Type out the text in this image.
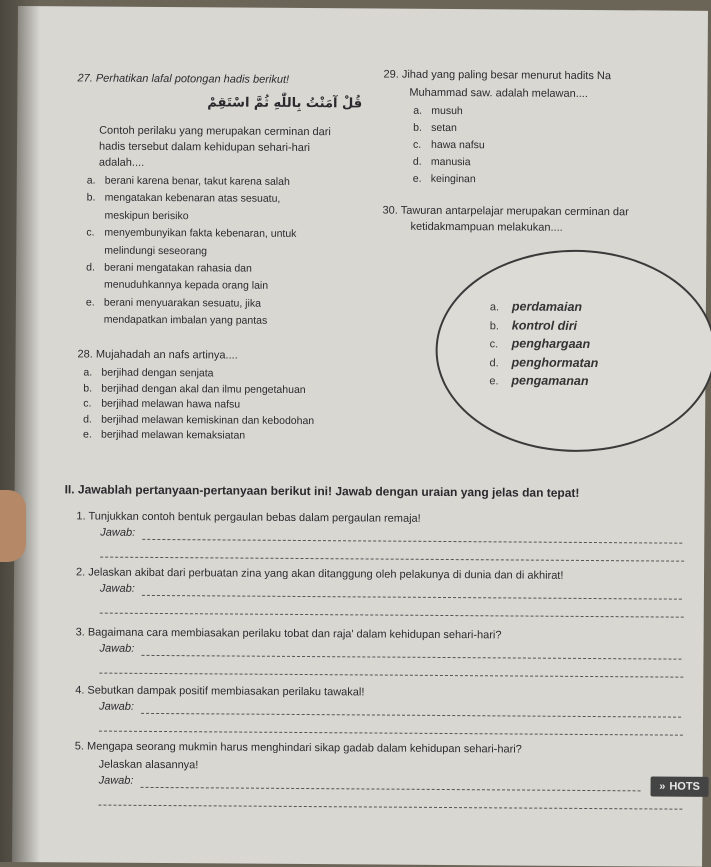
27. Perhatikan lafal potongan hadis berikut!
قُلْ آمَنْتُ بِاللّٰهِ ثُمَّ اسْتَقِمْ
Contoh perilaku yang merupakan cerminan dari
hadis tersebut dalam kehidupan sehari-hari
adalah....
a. berani karena benar, takut karena salah
b. mengatakan kebenaran atas sesuatu,
meskipun berisiko
c. menyembunyikan fakta kebenaran, untuk
melindungi seseorang
d. berani mengatakan rahasia dan
menuduhkannya kepada orang lain
e. berani menyuarakan sesuatu, jika
mendapatkan imbalan yang pantas
28. Mujahadah an nafs artinya....
a. berjihad dengan senjata
b. berjihad dengan akal dan ilmu pengetahuan
c. berjihad melawan hawa nafsu
d. berjihad melawan kemiskinan dan kebodohan
e. berjihad melawan kemaksiatan
29. Jihad yang paling besar menurut hadits Na
Muhammad saw. adalah melawan....
a. musuh
b. setan
c. hawa nafsu
d. manusia
e. keinginan
30. Tawuran antarpelajar merupakan cerminan dar
ketidakmampuan melakukan....
a. perdamaian
b. kontrol diri
c. penghargaan
d. penghormatan
e. pengamanan
II. Jawablah pertanyaan-pertanyaan berikut ini! Jawab dengan uraian yang jelas dan tepat!
1. Tunjukkan contoh bentuk pergaulan bebas dalam pergaulan remaja!
Jawab:
2. Jelaskan akibat dari perbuatan zina yang akan ditanggung oleh pelakunya di dunia dan di akhirat!
Jawab:
3. Bagaimana cara membiasakan perilaku tobat dan raja' dalam kehidupan sehari-hari?
Jawab:
4. Sebutkan dampak positif membiasakan perilaku tawakal!
Jawab:
5. Mengapa seorang mukmin harus menghindari sikap gadab dalam kehidupan sehari-hari?
Jawab:
Jelaskan alasannya!
» HOTS
